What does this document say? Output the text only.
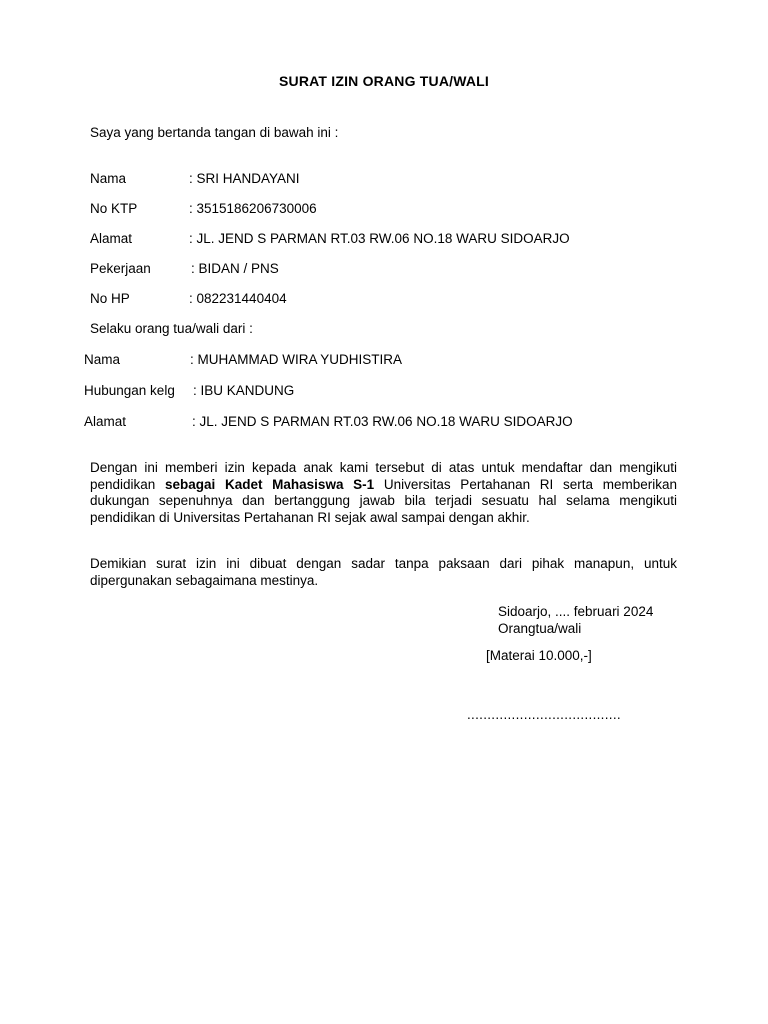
SURAT IZIN ORANG TUA/WALI
Saya yang bertanda tangan di bawah ini :
Nama	: SRI HANDAYANI
No KTP	: 3515186206730006
Alamat	: JL. JEND S PARMAN RT.03 RW.06 NO.18 WARU SIDOARJO
Pekerjaan	: BIDAN / PNS
No HP	: 082231440404
Selaku orang tua/wali dari :
Nama	: MUHAMMAD WIRA YUDHISTIRA
Hubungan kelg : IBU KANDUNG
Alamat	: JL. JEND S PARMAN RT.03 RW.06 NO.18 WARU SIDOARJO
Dengan ini memberi izin kepada anak kami tersebut di atas untuk mendaftar dan mengikuti pendidikan sebagai Kadet Mahasiswa S-1 Universitas Pertahanan RI serta memberikan dukungan sepenuhnya dan bertanggung jawab bila terjadi sesuatu hal selama mengikuti pendidikan di Universitas Pertahanan RI sejak awal sampai dengan akhir.
Demikian surat izin ini dibuat dengan sadar tanpa paksaan dari pihak manapun, untuk dipergunakan sebagaimana mestinya.
Sidoarjo, .... februari 2024
Orangtua/wali
[Materai 10.000,-]
......................................
